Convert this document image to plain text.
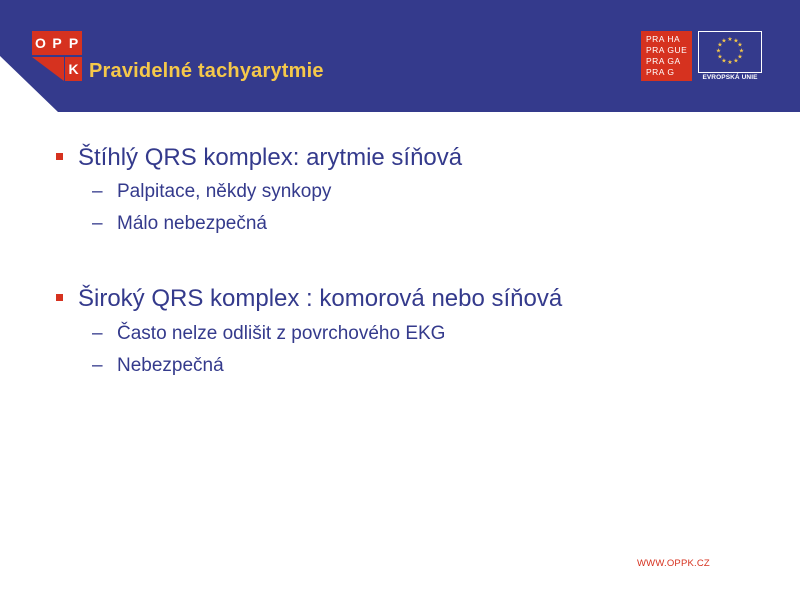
O P P
K Pravidelné tachyarytmie
PRA HA
PRA GUE
PRA GA
PRA G
★ ★
★
★
★
★
★
★
★
★
★
★
EVROPSKÁ UNIE
Štíhlý QRS komplex: arytmie síňová
– Palpitace, někdy synkopy
– Málo nebezpečná
Široký QRS komplex : komorová nebo síňová
– Často nelze odlišit z povrchového EKG
– Nebezpečná
WWW.OPPK.CZ
